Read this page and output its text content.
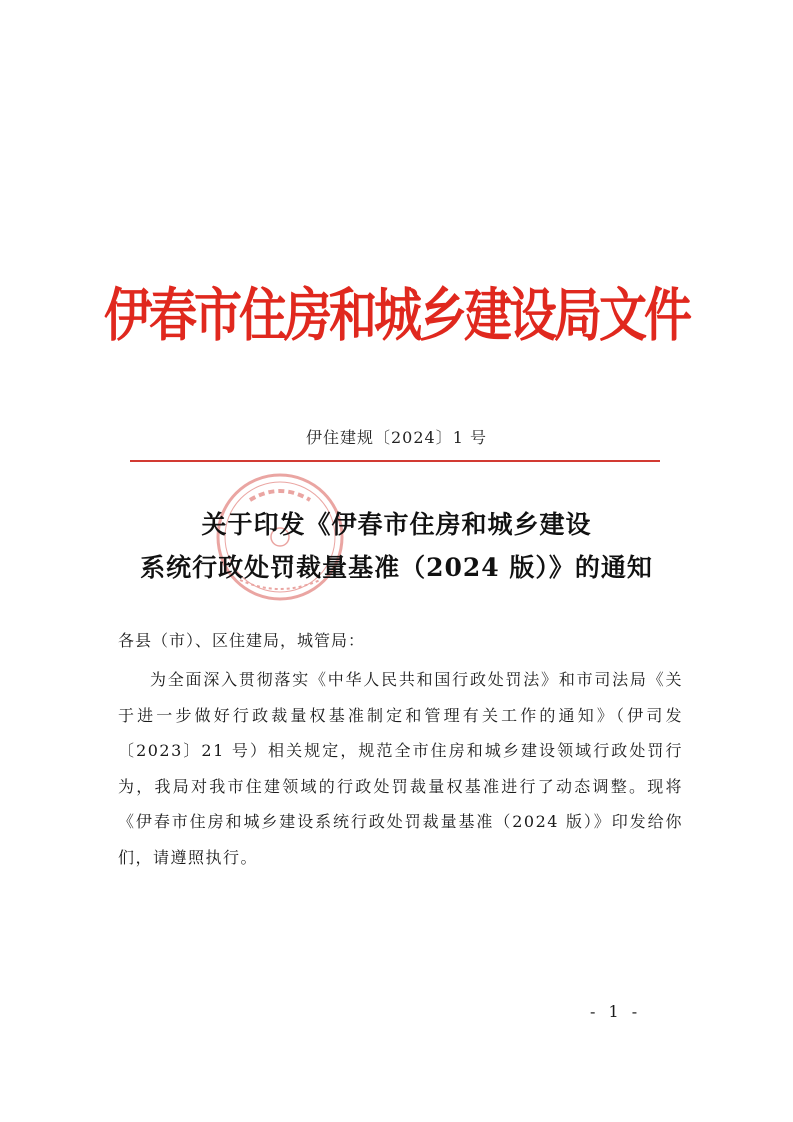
伊春市住房和城乡建设局文件
伊住建规〔2024〕1 号
关于印发《伊春市住房和城乡建设
系统行政处罚裁量基准（2024 版）》的通知
各县（市）、区住建局，城管局：
为全面深入贯彻落实《中华人民共和国行政处罚法》和市司法局《关于进一步做好行政裁量权基准制定和管理有关工作的通知》（伊司发〔2023〕21 号）相关规定，规范全市住房和城乡建设领域行政处罚行为，我局对我市住建领域的行政处罚裁量权基准进行了动态调整。现将《伊春市住房和城乡建设系统行政处罚裁量基准（2024 版）》印发给你们，请遵照执行。
- 1 -
